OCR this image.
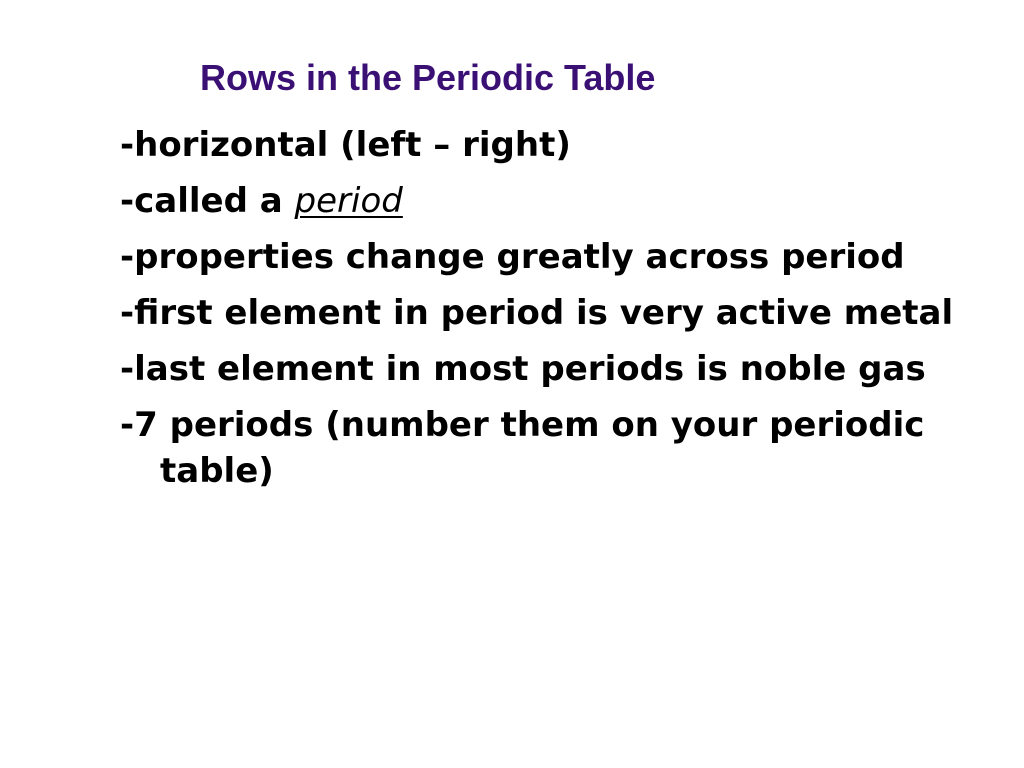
Rows in the Periodic Table
-horizontal (left – right)
-called a period
-properties change greatly across period
-first element in period is very active metal
-last element in most periods is noble gas
-7 periods (number them on your periodic table)
